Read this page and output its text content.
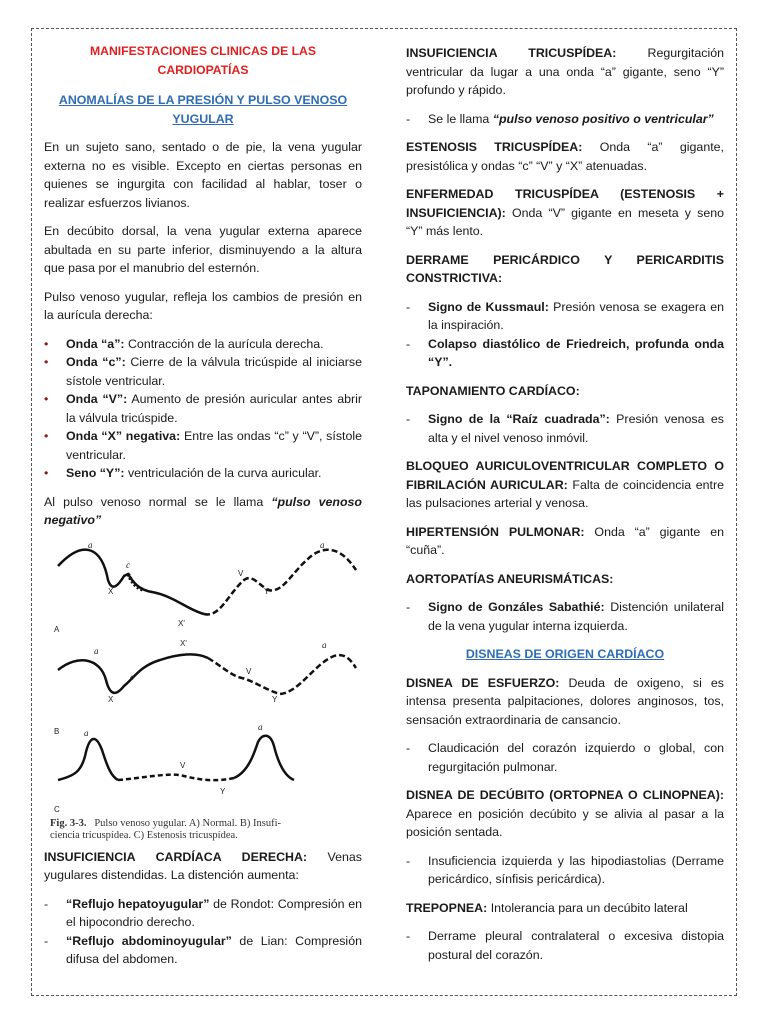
MANIFESTACIONES CLINICAS DE LAS CARDIOPATÍAS
ANOMALÍAS DE LA PRESIÓN Y PULSO VENOSO YUGULAR

En un sujeto sano, sentado o de pie, la vena yugular externa no es visible. Excepto en ciertas personas en quienes se ingurgita con facilidad al hablar, toser o realizar esfuerzos livianos.

En decúbito dorsal, la vena yugular externa aparece abultada en su parte inferior, disminuyendo a la altura que pasa por el manubrio del esternón.

Pulso venoso yugular, refleja los cambios de presión en la aurícula derecha:

• Onda “a”: Contracción de la aurícula derecha.
• Onda “c”: Cierre de la válvula tricúspide al iniciarse sístole ventricular.
• Onda “V”: Aumento de presión auricular antes abrir la válvula tricúspide.
• Onda “X” negativa: Entre las ondas “c” y “V”, sístole ventricular.
• Seno “Y”: ventriculación de la curva auricular.

Al pulso venoso normal se le llama “pulso venoso negativo”

a
c
X
X'
V
Y
a
A
a
c
X
X'
V
Y
a
B	a
V
Y
a
C
Fig. 3-3. Pulso venoso yugular. A) Normal. B) Insufi-
ciencia tricuspídea. C) Estenosis tricuspídea.

INSUFICIENCIA CARDÍACA DERECHA: Venas yugulares distendidas. La distención aumenta:

- “Reflujo hepatoyugular” de Rondot: Compresión en el hipocondrio derecho.
- “Reflujo abdominoyugular” de Lian: Compresión difusa del abdomen.

INSUFICIENCIA TRICUSPÍDEA: Regurgitación ventricular da lugar a una onda “a” gigante, seno “Y” profundo y rápido.

- Se le llama “pulso venoso positivo o ventricular”

ESTENOSIS TRICUSPÍDEA: Onda “a” gigante, presistólica y ondas “c” “V” y “X” atenuadas.

ENFERMEDAD TRICUSPÍDEA (ESTENOSIS + INSUFICIENCIA): Onda “V” gigante en meseta y seno “Y” más lento.

DERRAME PERICÁRDICO Y PERICARDITIS CONSTRICTIVA:

- Signo de Kussmaul: Presión venosa se exagera en la inspiración.
- Colapso diastólico de Friedreich, profunda onda “Y”.

TAPONAMIENTO CARDÍACO:

- Signo de la “Raíz cuadrada”: Presión venosa es alta y el nivel venoso inmóvil.

BLOQUEO AURICULOVENTRICULAR COMPLETO O FIBRILACIÓN AURICULAR: Falta de coincidencia entre las pulsaciones arterial y venosa.

HIPERTENSIÓN PULMONAR: Onda “a” gigante en “cuña”.

AORTOPATÍAS ANEURISMÁTICAS:

- Signo de Gonzáles Sabathié: Distención unilateral de la vena yugular interna izquierda.
DISNEAS DE ORIGEN CARDÍACO

DISNEA DE ESFUERZO: Deuda de oxigeno, si es intensa presenta palpitaciones, dolores anginosos, tos, sensación extraordinaria de cansancio.

- Claudicación del corazón izquierdo o global, con regurgitación pulmonar.

DISNEA DE DECÚBITO (ORTOPNEA O CLINOPNEA): Aparece en posición decúbito y se alivia al pasar a la posición sentada.

- Insuficiencia izquierda y las hipodiastolias (Derrame pericárdico, sínfisis pericárdica).

TREPOPNEA: Intolerancia para un decúbito lateral

- Derrame pleural contralateral o excesiva distopia postural del corazón.
